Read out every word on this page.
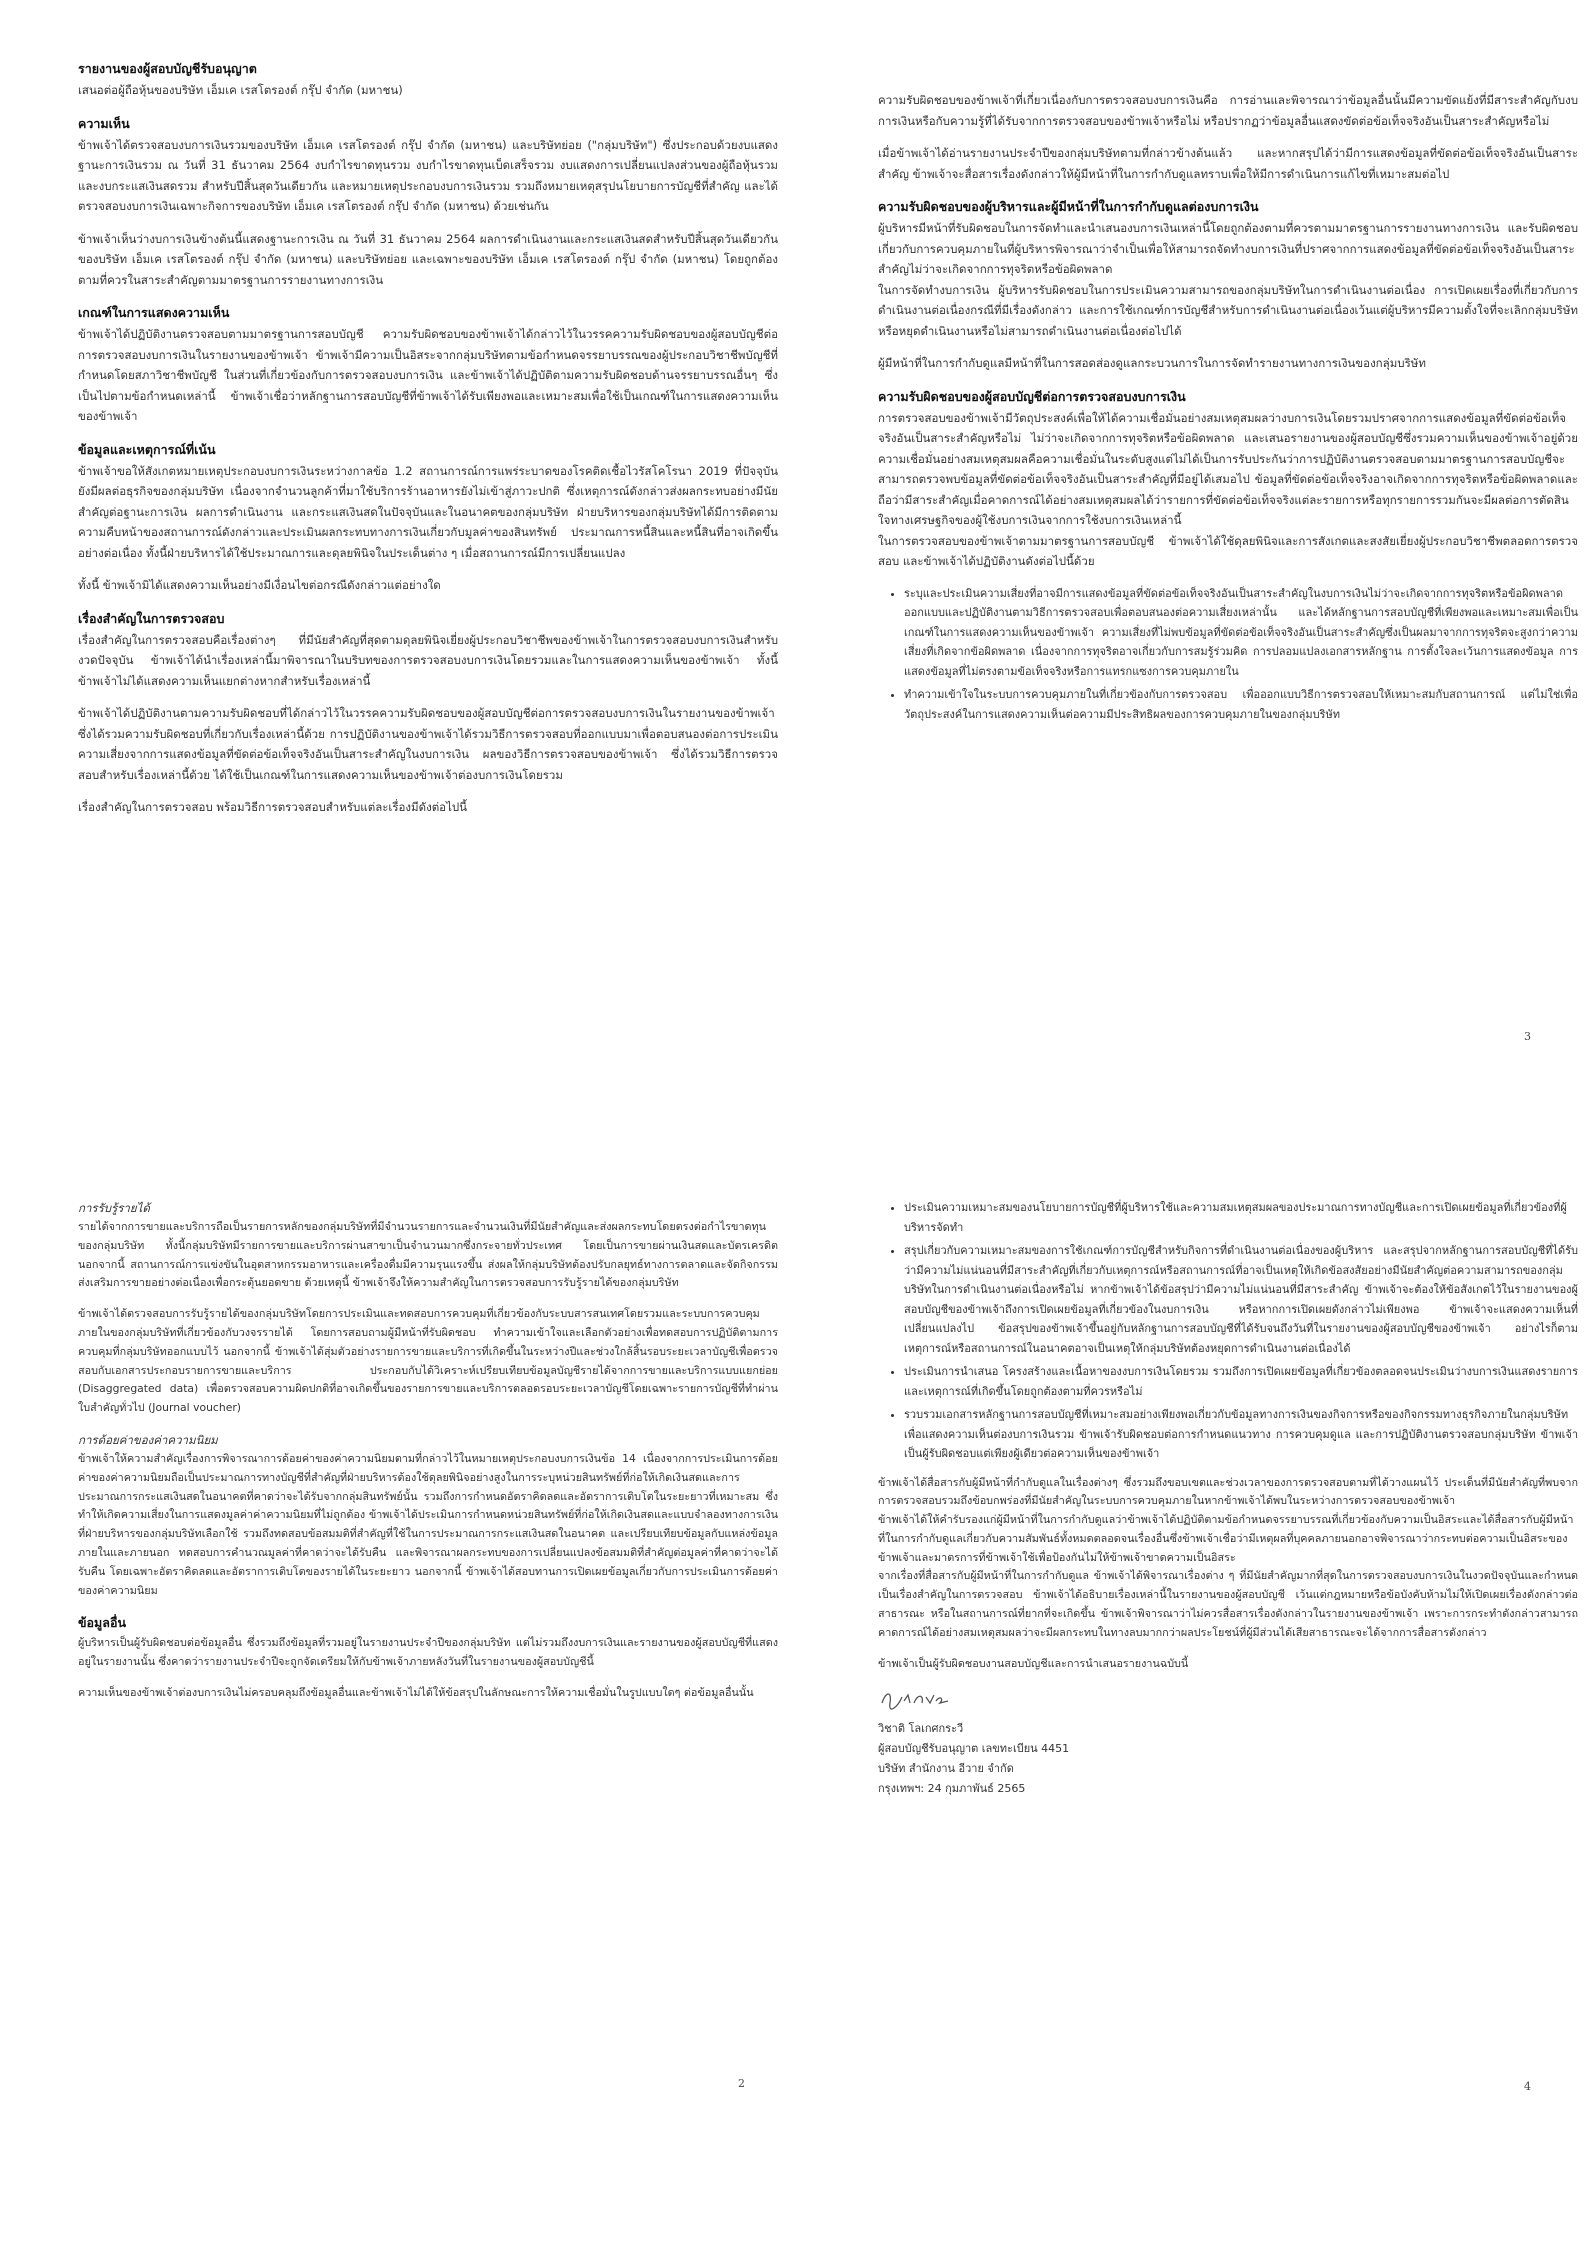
รายงานของผู้สอบบัญชีรับอนุญาต
เสนอต่อผู้ถือหุ้นของบริษัท เอ็มเค เรสโตรองต์ กรุ๊ป จำกัด (มหาชน)
ความเห็น
ข้าพเจ้าได้ตรวจสอบงบการเงินรวมของบริษัท เอ็มเค เรสโตรองต์ กรุ๊ป จำกัด (มหาชน) และบริษัทย่อย ("กลุ่มบริษัท") ซึ่งประกอบด้วยงบแสดงฐานะการเงินรวม ณ วันที่ 31 ธันวาคม 2564 งบกำไรขาดทุนรวม งบกำไรขาดทุนเบ็ดเสร็จรวม งบแสดงการเปลี่ยนแปลงส่วนของผู้ถือหุ้นรวมและงบกระแสเงินสดรวม สำหรับปีสิ้นสุดวันเดียวกัน และหมายเหตุประกอบงบการเงินรวม รวมถึงหมายเหตุสรุปนโยบายการบัญชีที่สำคัญ และได้ตรวจสอบงบการเงินเฉพาะกิจการของบริษัท เอ็มเค เรสโตรองต์ กรุ๊ป จำกัด (มหาชน) ด้วยเช่นกัน
ข้าพเจ้าเห็นว่างบการเงินข้างต้นนี้แสดงฐานะการเงิน ณ วันที่ 31 ธันวาคม 2564 ผลการดำเนินงานและกระแสเงินสดสำหรับปีสิ้นสุดวันเดียวกันของบริษัท เอ็มเค เรสโตรองต์ กรุ๊ป จำกัด (มหาชน) และบริษัทย่อย และเฉพาะของบริษัท เอ็มเค เรสโตรองต์ กรุ๊ป จำกัด (มหาชน) โดยถูกต้องตามที่ควรในสาระสำคัญตามมาตรฐานการรายงานทางการเงิน
เกณฑ์ในการแสดงความเห็น
ข้าพเจ้าได้ปฏิบัติงานตรวจสอบตามมาตรฐานการสอบบัญชี ความรับผิดชอบของข้าพเจ้าได้กล่าวไว้ในวรรคความรับผิดชอบของผู้สอบบัญชีต่อการตรวจสอบงบการเงินในรายงานของข้าพเจ้า ข้าพเจ้ามีความเป็นอิสระจากกลุ่มบริษัทตามข้อกำหนดจรรยาบรรณของผู้ประกอบวิชาชีพบัญชีที่กำหนดโดยสภาวิชาชีพบัญชี ในส่วนที่เกี่ยวข้องกับการตรวจสอบงบการเงิน และข้าพเจ้าได้ปฏิบัติตามความรับผิดชอบด้านจรรยาบรรณอื่นๆ ซึ่งเป็นไปตามข้อกำหนดเหล่านี้ ข้าพเจ้าเชื่อว่าหลักฐานการสอบบัญชีที่ข้าพเจ้าได้รับเพียงพอและเหมาะสมเพื่อใช้เป็นเกณฑ์ในการแสดงความเห็นของข้าพเจ้า
ข้อมูลและเหตุการณ์ที่เน้น
ข้าพเจ้าขอให้สังเกตหมายเหตุประกอบงบการเงินระหว่างกาลข้อ 1.2 สถานการณ์การแพร่ระบาดของโรคติดเชื้อไวรัสโคโรนา 2019 ที่ปัจจุบันยังมีผลต่อธุรกิจของกลุ่มบริษัท เนื่องจากจำนวนลูกค้าที่มาใช้บริการร้านอาหารยังไม่เข้าสู่ภาวะปกติ ซึ่งเหตุการณ์ดังกล่าวส่งผลกระทบอย่างมีนัยสำคัญต่อฐานะการเงิน ผลการดำเนินงาน และกระแสเงินสดในปัจจุบันและในอนาคตของกลุ่มบริษัท ฝ่ายบริหารของกลุ่มบริษัทได้มีการติดตามความคืบหน้าของสถานการณ์ดังกล่าวและประเมินผลกระทบทางการเงินเกี่ยวกับมูลค่าของสินทรัพย์ ประมาณการหนี้สินและหนี้สินที่อาจเกิดขึ้นอย่างต่อเนื่อง ทั้งนี้ฝ่ายบริหารได้ใช้ประมาณการและดุลยพินิจในประเด็นต่าง ๆ เมื่อสถานการณ์มีการเปลี่ยนแปลง
ทั้งนี้ ข้าพเจ้ามิได้แสดงความเห็นอย่างมีเงื่อนไขต่อกรณีดังกล่าวแต่อย่างใด
เรื่องสำคัญในการตรวจสอบ
เรื่องสำคัญในการตรวจสอบคือเรื่องต่างๆ ที่มีนัยสำคัญที่สุดตามดุลยพินิจเยี่ยงผู้ประกอบวิชาชีพของข้าพเจ้าในการตรวจสอบงบการเงินสำหรับงวดปัจจุบัน ข้าพเจ้าได้นำเรื่องเหล่านี้มาพิจารณาในบริบทของการตรวจสอบงบการเงินโดยรวมและในการแสดงความเห็นของข้าพเจ้า ทั้งนี้ข้าพเจ้าไม่ได้แสดงความเห็นแยกต่างหากสำหรับเรื่องเหล่านี้
ข้าพเจ้าได้ปฏิบัติงานตามความรับผิดชอบที่ได้กล่าวไว้ในวรรคความรับผิดชอบของผู้สอบบัญชีต่อการตรวจสอบงบการเงินในรายงานของข้าพเจ้า ซึ่งได้รวมความรับผิดชอบที่เกี่ยวกับเรื่องเหล่านี้ด้วย การปฏิบัติงานของข้าพเจ้าได้รวมวิธีการตรวจสอบที่ออกแบบมาเพื่อตอบสนองต่อการประเมินความเสี่ยงจากการแสดงข้อมูลที่ขัดต่อข้อเท็จจริงอันเป็นสาระสำคัญในงบการเงิน ผลของวิธีการตรวจสอบของข้าพเจ้า ซึ่งได้รวมวิธีการตรวจสอบสำหรับเรื่องเหล่านี้ด้วย ได้ใช้เป็นเกณฑ์ในการแสดงความเห็นของข้าพเจ้าต่องบการเงินโดยรวม
เรื่องสำคัญในการตรวจสอบ พร้อมวิธีการตรวจสอบสำหรับแต่ละเรื่องมีดังต่อไปนี้
ความรับผิดชอบของข้าพเจ้าที่เกี่ยวเนื่องกับการตรวจสอบงบการเงินคือ การอ่านและพิจารณาว่าข้อมูลอื่นนั้นมีความขัดแย้งที่มีสาระสำคัญกับงบการเงินหรือกับความรู้ที่ได้รับจากการตรวจสอบของข้าพเจ้าหรือไม่ หรือปรากฏว่าข้อมูลอื่นแสดงขัดต่อข้อเท็จจริงอันเป็นสาระสำคัญหรือไม่
เมื่อข้าพเจ้าได้อ่านรายงานประจำปีของกลุ่มบริษัทตามที่กล่าวข้างต้นแล้ว และหากสรุปได้ว่ามีการแสดงข้อมูลที่ขัดต่อข้อเท็จจริงอันเป็นสาระสำคัญ ข้าพเจ้าจะสื่อสารเรื่องดังกล่าวให้ผู้มีหน้าที่ในการกำกับดูแลทราบเพื่อให้มีการดำเนินการแก้ไขที่เหมาะสมต่อไป
ความรับผิดชอบของผู้บริหารและผู้มีหน้าที่ในการกำกับดูแลต่องบการเงิน
ผู้บริหารมีหน้าที่รับผิดชอบในการจัดทำและนำเสนองบการเงินเหล่านี้โดยถูกต้องตามที่ควรตามมาตรฐานการรายงานทางการเงิน และรับผิดชอบเกี่ยวกับการควบคุมภายในที่ผู้บริหารพิจารณาว่าจำเป็นเพื่อให้สามารถจัดทำงบการเงินที่ปราศจากการแสดงข้อมูลที่ขัดต่อข้อเท็จจริงอันเป็นสาระสำคัญไม่ว่าจะเกิดจากการทุจริตหรือข้อผิดพลาด
ในการจัดทำงบการเงิน ผู้บริหารรับผิดชอบในการประเมินความสามารถของกลุ่มบริษัทในการดำเนินงานต่อเนื่อง การเปิดเผยเรื่องที่เกี่ยวกับการดำเนินงานต่อเนื่องกรณีที่มีเรื่องดังกล่าว และการใช้เกณฑ์การบัญชีสำหรับการดำเนินงานต่อเนื่องเว้นแต่ผู้บริหารมีความตั้งใจที่จะเลิกกลุ่มบริษัทหรือหยุดดำเนินงานหรือไม่สามารถดำเนินงานต่อเนื่องต่อไปได้
ผู้มีหน้าที่ในการกำกับดูแลมีหน้าที่ในการสอดส่องดูแลกระบวนการในการจัดทำรายงานทางการเงินของกลุ่มบริษัท
ความรับผิดชอบของผู้สอบบัญชีต่อการตรวจสอบงบการเงิน
การตรวจสอบของข้าพเจ้ามีวัตถุประสงค์เพื่อให้ได้ความเชื่อมั่นอย่างสมเหตุสมผลว่างบการเงินโดยรวมปราศจากการแสดงข้อมูลที่ขัดต่อข้อเท็จจริงอันเป็นสาระสำคัญหรือไม่ ไม่ว่าจะเกิดจากการทุจริตหรือข้อผิดพลาด และเสนอรายงานของผู้สอบบัญชีซึ่งรวมความเห็นของข้าพเจ้าอยู่ด้วย ความเชื่อมั่นอย่างสมเหตุสมผลคือความเชื่อมั่นในระดับสูงแต่ไม่ได้เป็นการรับประกันว่าการปฏิบัติงานตรวจสอบตามมาตรฐานการสอบบัญชีจะสามารถตรวจพบข้อมูลที่ขัดต่อข้อเท็จจริงอันเป็นสาระสำคัญที่มีอยู่ได้เสมอไป ข้อมูลที่ขัดต่อข้อเท็จจริงอาจเกิดจากการทุจริตหรือข้อผิดพลาดและถือว่ามีสาระสำคัญเมื่อคาดการณ์ได้อย่างสมเหตุสมผลได้ว่ารายการที่ขัดต่อข้อเท็จจริงแต่ละรายการหรือทุกรายการรวมกันจะมีผลต่อการตัดสินใจทางเศรษฐกิจของผู้ใช้งบการเงินจากการใช้งบการเงินเหล่านี้
ในการตรวจสอบของข้าพเจ้าตามมาตรฐานการสอบบัญชี ข้าพเจ้าได้ใช้ดุลยพินิจและการสังเกตและสงสัยเยี่ยงผู้ประกอบวิชาชีพตลอดการตรวจสอบ และข้าพเจ้าได้ปฏิบัติงานดังต่อไปนี้ด้วย
• ระบุและประเมินความเสี่ยงที่อาจมีการแสดงข้อมูลที่ขัดต่อข้อเท็จจริงอันเป็นสาระสำคัญในงบการเงินไม่ว่าจะเกิดจากการทุจริตหรือข้อผิดพลาด ออกแบบและปฏิบัติงานตามวิธีการตรวจสอบเพื่อตอบสนองต่อความเสี่ยงเหล่านั้น และได้หลักฐานการสอบบัญชีที่เพียงพอและเหมาะสมเพื่อเป็นเกณฑ์ในการแสดงความเห็นของข้าพเจ้า ความเสี่ยงที่ไม่พบข้อมูลที่ขัดต่อข้อเท็จจริงอันเป็นสาระสำคัญซึ่งเป็นผลมาจากการทุจริตจะสูงกว่าความเสี่ยงที่เกิดจากข้อผิดพลาด เนื่องจากการทุจริตอาจเกี่ยวกับการสมรู้ร่วมคิด การปลอมแปลงเอกสารหลักฐาน การตั้งใจละเว้นการแสดงข้อมูล การแสดงข้อมูลที่ไม่ตรงตามข้อเท็จจริงหรือการแทรกแซงการควบคุมภายใน
• ทำความเข้าใจในระบบการควบคุมภายในที่เกี่ยวข้องกับการตรวจสอบ เพื่อออกแบบวิธีการตรวจสอบให้เหมาะสมกับสถานการณ์ แต่ไม่ใช่เพื่อวัตถุประสงค์ในการแสดงความเห็นต่อความมีประสิทธิผลของการควบคุมภายในของกลุ่มบริษัท
3
การรับรู้รายได้
รายได้จากการขายและบริการถือเป็นรายการหลักของกลุ่มบริษัทที่มีจำนวนรายการและจำนวนเงินที่มีนัยสำคัญและส่งผลกระทบโดยตรงต่อกำไรขาดทุนของกลุ่มบริษัท ทั้งนี้กลุ่มบริษัทมีรายการขายและบริการผ่านสาขาเป็นจำนวนมากซึ่งกระจายทั่วประเทศ โดยเป็นการขายผ่านเงินสดและบัตรเครดิต นอกจากนี้ สถานการณ์การแข่งขันในอุตสาหกรรมอาหารและเครื่องดื่มมีความรุนแรงขึ้น ส่งผลให้กลุ่มบริษัทต้องปรับกลยุทธ์ทางการตลาดและจัดกิจกรรมส่งเสริมการขายอย่างต่อเนื่องเพื่อกระตุ้นยอดขาย ด้วยเหตุนี้ ข้าพเจ้าจึงให้ความสำคัญในการตรวจสอบการรับรู้รายได้ของกลุ่มบริษัท
ข้าพเจ้าได้ตรวจสอบการรับรู้รายได้ของกลุ่มบริษัทโดยการประเมินและทดสอบการควบคุมที่เกี่ยวข้องกับระบบสารสนเทศโดยรวมและระบบการควบคุมภายในของกลุ่มบริษัทที่เกี่ยวข้องกับวงจรรายได้ โดยการสอบถามผู้มีหน้าที่รับผิดชอบ ทำความเข้าใจและเลือกตัวอย่างเพื่อทดสอบการปฏิบัติตามการควบคุมที่กลุ่มบริษัทออกแบบไว้ นอกจากนี้ ข้าพเจ้าได้สุ่มตัวอย่างรายการขายและบริการที่เกิดขึ้นในระหว่างปีและช่วงใกล้สิ้นรอบระยะเวลาบัญชีเพื่อตรวจสอบกับเอกสารประกอบรายการขายและบริการ ประกอบกับได้วิเคราะห์เปรียบเทียบข้อมูลบัญชีรายได้จากการขายและบริการแบบแยกย่อย (Disaggregated data) เพื่อตรวจสอบความผิดปกติที่อาจเกิดขึ้นของรายการขายและบริการตลอดรอบระยะเวลาบัญชีโดยเฉพาะรายการบัญชีที่ทำผ่านใบสำคัญทั่วไป (Journal voucher)
การด้อยค่าของค่าความนิยม
ข้าพเจ้าให้ความสำคัญเรื่องการพิจารณาการด้อยค่าของค่าความนิยมตามที่กล่าวไว้ในหมายเหตุประกอบงบการเงินข้อ 14 เนื่องจากการประเมินการด้อยค่าของค่าความนิยมถือเป็นประมาณการทางบัญชีที่สำคัญที่ฝ่ายบริหารต้องใช้ดุลยพินิจอย่างสูงในการระบุหน่วยสินทรัพย์ที่ก่อให้เกิดเงินสดและการประมาณการกระแสเงินสดในอนาคตที่คาดว่าจะได้รับจากกลุ่มสินทรัพย์นั้น รวมถึงการกำหนดอัตราคิดลดและอัตราการเติบโตในระยะยาวที่เหมาะสม ซึ่งทำให้เกิดความเสี่ยงในการแสดงมูลค่าค่าความนิยมที่ไม่ถูกต้อง ข้าพเจ้าได้ประเมินการกำหนดหน่วยสินทรัพย์ที่ก่อให้เกิดเงินสดและแบบจำลองทางการเงินที่ฝ่ายบริหารของกลุ่มบริษัทเลือกใช้ รวมถึงทดสอบข้อสมมติที่สำคัญที่ใช้ในการประมาณการกระแสเงินสดในอนาคต และเปรียบเทียบข้อมูลกับแหล่งข้อมูลภายในและภายนอก ทดสอบการคำนวณมูลค่าที่คาดว่าจะได้รับคืน และพิจารณาผลกระทบของการเปลี่ยนแปลงข้อสมมติที่สำคัญต่อมูลค่าที่คาดว่าจะได้รับคืน โดยเฉพาะอัตราคิดลดและอัตราการเติบโตของรายได้ในระยะยาว นอกจากนี้ ข้าพเจ้าได้สอบทานการเปิดเผยข้อมูลเกี่ยวกับการประเมินการด้อยค่าของค่าความนิยม
ข้อมูลอื่น
ผู้บริหารเป็นผู้รับผิดชอบต่อข้อมูลอื่น ซึ่งรวมถึงข้อมูลที่รวมอยู่ในรายงานประจำปีของกลุ่มบริษัท แต่ไม่รวมถึงงบการเงินและรายงานของผู้สอบบัญชีที่แสดงอยู่ในรายงานนั้น ซึ่งคาดว่ารายงานประจำปีจะถูกจัดเตรียมให้กับข้าพเจ้าภายหลังวันที่ในรายงานของผู้สอบบัญชีนี้
ความเห็นของข้าพเจ้าต่องบการเงินไม่ครอบคลุมถึงข้อมูลอื่นและข้าพเจ้าไม่ได้ให้ข้อสรุปในลักษณะการให้ความเชื่อมั่นในรูปแบบใดๆ ต่อข้อมูลอื่นนั้น
2
• ประเมินความเหมาะสมของนโยบายการบัญชีที่ผู้บริหารใช้และความสมเหตุสมผลของประมาณการทางบัญชีและการเปิดเผยข้อมูลที่เกี่ยวข้องที่ผู้บริหารจัดทำ
• สรุปเกี่ยวกับความเหมาะสมของการใช้เกณฑ์การบัญชีสำหรับกิจการที่ดำเนินงานต่อเนื่องของผู้บริหาร และสรุปจากหลักฐานการสอบบัญชีที่ได้รับว่ามีความไม่แน่นอนที่มีสาระสำคัญที่เกี่ยวกับเหตุการณ์หรือสถานการณ์ที่อาจเป็นเหตุให้เกิดข้อสงสัยอย่างมีนัยสำคัญต่อความสามารถของกลุ่มบริษัทในการดำเนินงานต่อเนื่องหรือไม่ หากข้าพเจ้าได้ข้อสรุปว่ามีความไม่แน่นอนที่มีสาระสำคัญ ข้าพเจ้าจะต้องให้ข้อสังเกตไว้ในรายงานของผู้สอบบัญชีของข้าพเจ้าถึงการเปิดเผยข้อมูลที่เกี่ยวข้องในงบการเงิน หรือหากการเปิดเผยดังกล่าวไม่เพียงพอ ข้าพเจ้าจะแสดงความเห็นที่เปลี่ยนแปลงไป ข้อสรุปของข้าพเจ้าขึ้นอยู่กับหลักฐานการสอบบัญชีที่ได้รับจนถึงวันที่ในรายงานของผู้สอบบัญชีของข้าพเจ้า อย่างไรก็ตาม เหตุการณ์หรือสถานการณ์ในอนาคตอาจเป็นเหตุให้กลุ่มบริษัทต้องหยุดการดำเนินงานต่อเนื่องได้
• ประเมินการนำเสนอ โครงสร้างและเนื้อหาของงบการเงินโดยรวม รวมถึงการเปิดเผยข้อมูลที่เกี่ยวข้องตลอดจนประเมินว่างบการเงินแสดงรายการและเหตุการณ์ที่เกิดขึ้นโดยถูกต้องตามที่ควรหรือไม่
• รวบรวมเอกสารหลักฐานการสอบบัญชีที่เหมาะสมอย่างเพียงพอเกี่ยวกับข้อมูลทางการเงินของกิจการหรือของกิจกรรมทางธุรกิจภายในกลุ่มบริษัทเพื่อแสดงความเห็นต่องบการเงินรวม ข้าพเจ้ารับผิดชอบต่อการกำหนดแนวทาง การควบคุมดูแล และการปฏิบัติงานตรวจสอบกลุ่มบริษัท ข้าพเจ้าเป็นผู้รับผิดชอบแต่เพียงผู้เดียวต่อความเห็นของข้าพเจ้า
ข้าพเจ้าได้สื่อสารกับผู้มีหน้าที่กำกับดูแลในเรื่องต่างๆ ซึ่งรวมถึงขอบเขตและช่วงเวลาของการตรวจสอบตามที่ได้วางแผนไว้ ประเด็นที่มีนัยสำคัญที่พบจากการตรวจสอบรวมถึงข้อบกพร่องที่มีนัยสำคัญในระบบการควบคุมภายในหากข้าพเจ้าได้พบในระหว่างการตรวจสอบของข้าพเจ้า
ข้าพเจ้าได้ให้คำรับรองแก่ผู้มีหน้าที่ในการกำกับดูแลว่าข้าพเจ้าได้ปฏิบัติตามข้อกำหนดจรรยาบรรณที่เกี่ยวข้องกับความเป็นอิสระและได้สื่อสารกับผู้มีหน้าที่ในการกำกับดูแลเกี่ยวกับความสัมพันธ์ทั้งหมดตลอดจนเรื่องอื่นซึ่งข้าพเจ้าเชื่อว่ามีเหตุผลที่บุคคลภายนอกอาจพิจารณาว่ากระทบต่อความเป็นอิสระของข้าพเจ้าและมาตรการที่ข้าพเจ้าใช้เพื่อป้องกันไม่ให้ข้าพเจ้าขาดความเป็นอิสระ
จากเรื่องที่สื่อสารกับผู้มีหน้าที่ในการกำกับดูแล ข้าพเจ้าได้พิจารณาเรื่องต่าง ๆ ที่มีนัยสำคัญมากที่สุดในการตรวจสอบงบการเงินในงวดปัจจุบันและกำหนดเป็นเรื่องสำคัญในการตรวจสอบ ข้าพเจ้าได้อธิบายเรื่องเหล่านี้ในรายงานของผู้สอบบัญชี เว้นแต่กฎหมายหรือข้อบังคับห้ามไม่ให้เปิดเผยเรื่องดังกล่าวต่อสาธารณะ หรือในสถานการณ์ที่ยากที่จะเกิดขึ้น ข้าพเจ้าพิจารณาว่าไม่ควรสื่อสารเรื่องดังกล่าวในรายงานของข้าพเจ้า เพราะการกระทำดังกล่าวสามารถคาดการณ์ได้อย่างสมเหตุสมผลว่าจะมีผลกระทบในทางลบมากกว่าผลประโยชน์ที่ผู้มีส่วนได้เสียสาธารณะจะได้จากการสื่อสารดังกล่าว
ข้าพเจ้าเป็นผู้รับผิดชอบงานสอบบัญชีและการนำเสนอรายงานฉบับนี้
วิชาติ โลเกศกระวี
ผู้สอบบัญชีรับอนุญาต เลขทะเบียน 4451
บริษัท สำนักงาน อีวาย จำกัด
กรุงเทพฯ: 24 กุมภาพันธ์ 2565
4
